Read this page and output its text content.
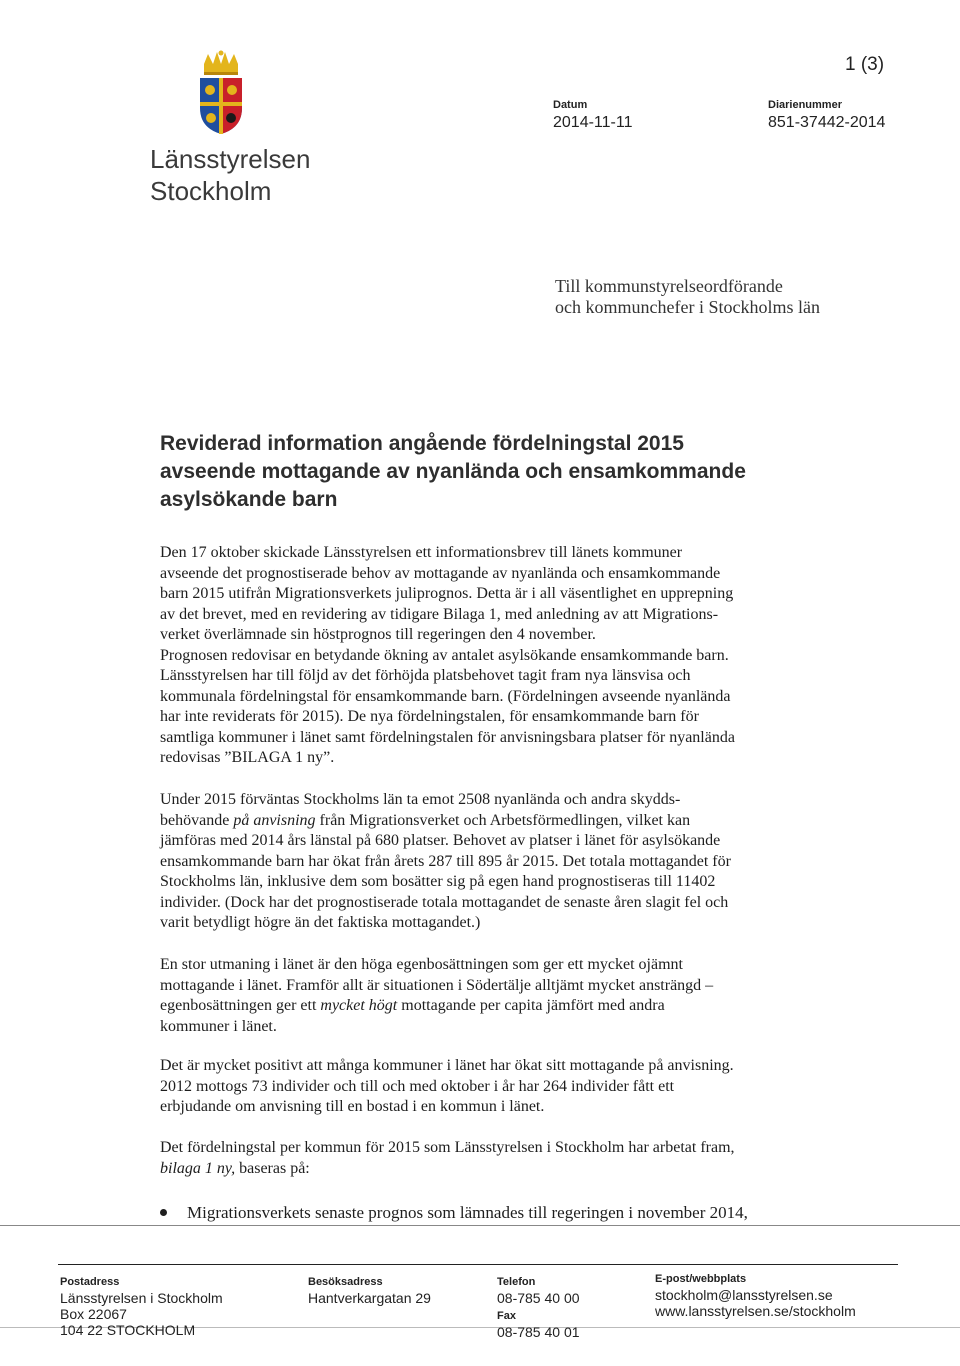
Länsstyrelsen
Stockholm
1 (3)
Datum
2014-11-11
Diarienummer
851-37442-2014
Till kommunstyrelseordförande
och kommunchefer i Stockholms län
Reviderad information angående fördelningstal 2015
avseende mottagande av nyanlända och ensamkommande
asylsökande barn
Den 17 oktober skickade Länsstyrelsen ett informationsbrev till länets kommuner
avseende det prognostiserade behov av mottagande av nyanlända och ensamkommande
barn 2015 utifrån Migrationsverkets juliprognos. Detta är i all väsentlighet en upprepning
av det brevet, med en revidering av tidigare Bilaga 1, med anledning av att Migrations-
verket överlämnade sin höstprognos till regeringen den 4 november.
Prognosen redovisar en betydande ökning av antalet asylsökande ensamkommande barn.
Länsstyrelsen har till följd av det förhöjda platsbehovet tagit fram nya länsvisa och
kommunala fördelningstal för ensamkommande barn. (Fördelningen avseende nyanlända
har inte reviderats för 2015). De nya fördelningstalen, för ensamkommande barn för
samtliga kommuner i länet samt fördelningstalen för anvisningsbara platser för nyanlända
redovisas ”BILAGA 1 ny”.
Under 2015 förväntas Stockholms län ta emot 2508 nyanlända och andra skydds-
behövande på anvisning från Migrationsverket och Arbetsförmedlingen, vilket kan
jämföras med 2014 års länstal på 680 platser. Behovet av platser i länet för asylsökande
ensamkommande barn har ökat från årets 287 till 895 år 2015. Det totala mottagandet för
Stockholms län, inklusive dem som bosätter sig på egen hand prognostiseras till 11402
individer. (Dock har det prognostiserade totala mottagandet de senaste åren slagit fel och
varit betydligt högre än det faktiska mottagandet.)
En stor utmaning i länet är den höga egenbosättningen som ger ett mycket ojämnt
mottagande i länet. Framför allt är situationen i Södertälje alltjämt mycket ansträngd –
egenbosättningen ger ett mycket högt mottagande per capita jämfört med andra
kommuner i länet.
Det är mycket positivt att många kommuner i länet har ökat sitt mottagande på anvisning.
2012 mottogs 73 individer och till och med oktober i år har 264 individer fått ett
erbjudande om anvisning till en bostad i en kommun i länet.
Det fördelningstal per kommun för 2015 som Länsstyrelsen i Stockholm har arbetat fram,
bilaga 1 ny, baseras på:
Migrationsverkets senaste prognos som lämnades till regeringen i november 2014,
Postadress
Länsstyrelsen i Stockholm
Box 22067
104 22 STOCKHOLM
Besöksadress
Hantverkargatan 29
Telefon
08-785 40 00
Fax
08-785 40 01
E-post/webbplats
stockholm@lansstyrelsen.se
www.lansstyrelsen.se/stockholm
